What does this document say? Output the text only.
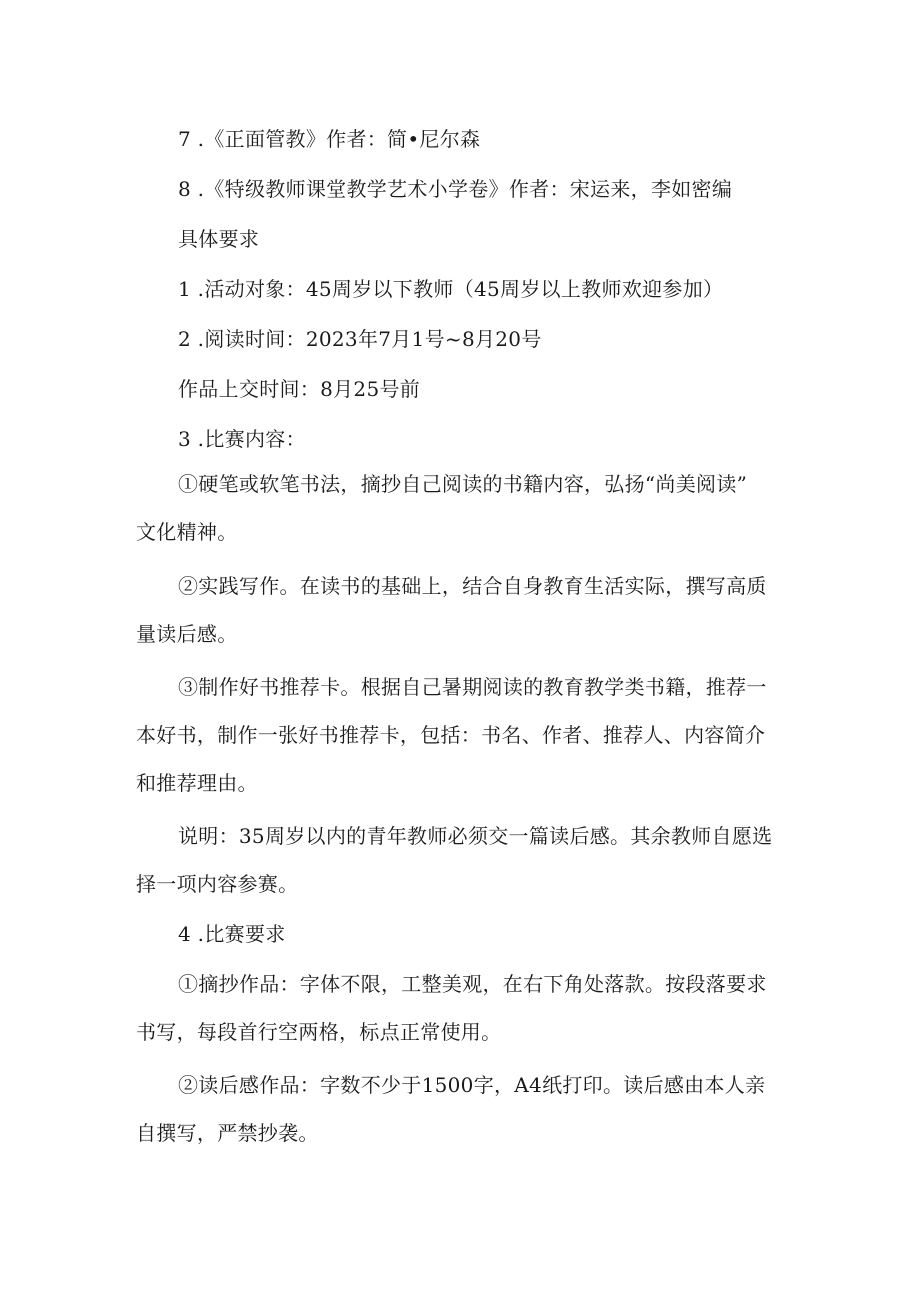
7 .《正面管教》作者：简•尼尔森
8 .《特级教师课堂教学艺术小学卷》作者：宋运来，李如密编
具体要求
1 .活动对象：45周岁以下教师（45周岁以上教师欢迎参加）
2 .阅读时间：2023年7月1号~8月20号
作品上交时间：8月25号前
3 .比赛内容：
①硬笔或软笔书法，摘抄自己阅读的书籍内容，弘扬“尚美阅读”
文化精神。
②实践写作。在读书的基础上，结合自身教育生活实际，撰写高质
量读后感。
③制作好书推荐卡。根据自己暑期阅读的教育教学类书籍，推荐一
本好书，制作一张好书推荐卡，包括：书名、作者、推荐人、内容简介
和推荐理由。
说明：35周岁以内的青年教师必须交一篇读后感。其余教师自愿选
择一项内容参赛。
4 .比赛要求
①摘抄作品：字体不限，工整美观，在右下角处落款。按段落要求
书写，每段首行空两格，标点正常使用。
②读后感作品：字数不少于1500字，A4纸打印。读后感由本人亲
自撰写，严禁抄袭。
